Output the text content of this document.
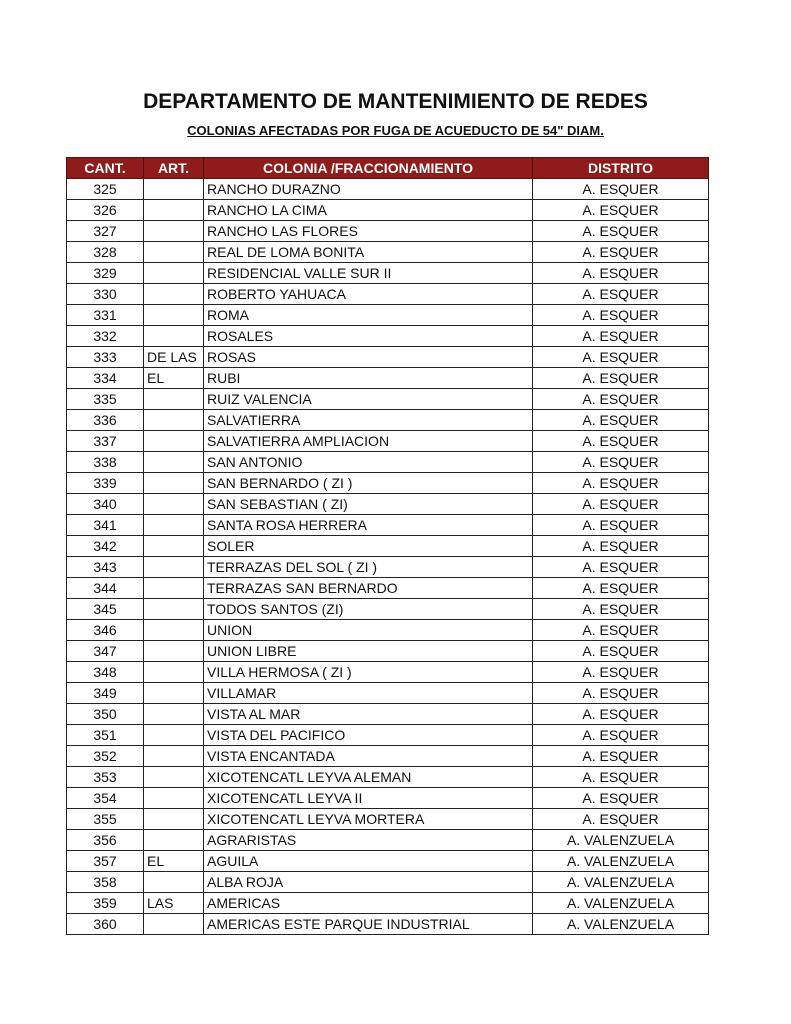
DEPARTAMENTO DE MANTENIMIENTO DE REDES
COLONIAS AFECTADAS POR FUGA DE ACUEDUCTO DE 54" DIAM.
CANT.	ART.	COLONIA /FRACCIONAMIENTO	DISTRITO
325		RANCHO DURAZNO	A. ESQUER
326		RANCHO LA CIMA	A. ESQUER
327		RANCHO LAS FLORES	A. ESQUER
328		REAL DE LOMA BONITA	A. ESQUER
329		RESIDENCIAL VALLE SUR II	A. ESQUER
330		ROBERTO YAHUACA	A. ESQUER
331		ROMA	A. ESQUER
332		ROSALES	A. ESQUER
333	DE LAS	ROSAS	A. ESQUER
334	EL	RUBI	A. ESQUER
335		RUIZ VALENCIA	A. ESQUER
336		SALVATIERRA	A. ESQUER
337		SALVATIERRA AMPLIACION	A. ESQUER
338		SAN ANTONIO	A. ESQUER
339		SAN BERNARDO ( ZI )	A. ESQUER
340		SAN SEBASTIAN ( ZI)	A. ESQUER
341		SANTA ROSA HERRERA	A. ESQUER
342		SOLER	A. ESQUER
343		TERRAZAS DEL SOL ( ZI )	A. ESQUER
344		TERRAZAS SAN BERNARDO	A. ESQUER
345		TODOS SANTOS (ZI)	A. ESQUER
346		UNION	A. ESQUER
347		UNION LIBRE	A. ESQUER
348		VILLA HERMOSA ( ZI )	A. ESQUER
349		VILLAMAR	A. ESQUER
350		VISTA AL MAR	A. ESQUER
351		VISTA DEL PACIFICO	A. ESQUER
352		VISTA ENCANTADA	A. ESQUER
353		XICOTENCATL LEYVA ALEMAN	A. ESQUER
354		XICOTENCATL LEYVA II	A. ESQUER
355		XICOTENCATL LEYVA MORTERA	A. ESQUER
356		AGRARISTAS	A. VALENZUELA
357	EL	AGUILA	A. VALENZUELA
358		ALBA ROJA	A. VALENZUELA
359	LAS	AMERICAS	A. VALENZUELA
360		AMERICAS ESTE PARQUE INDUSTRIAL	A. VALENZUELA
